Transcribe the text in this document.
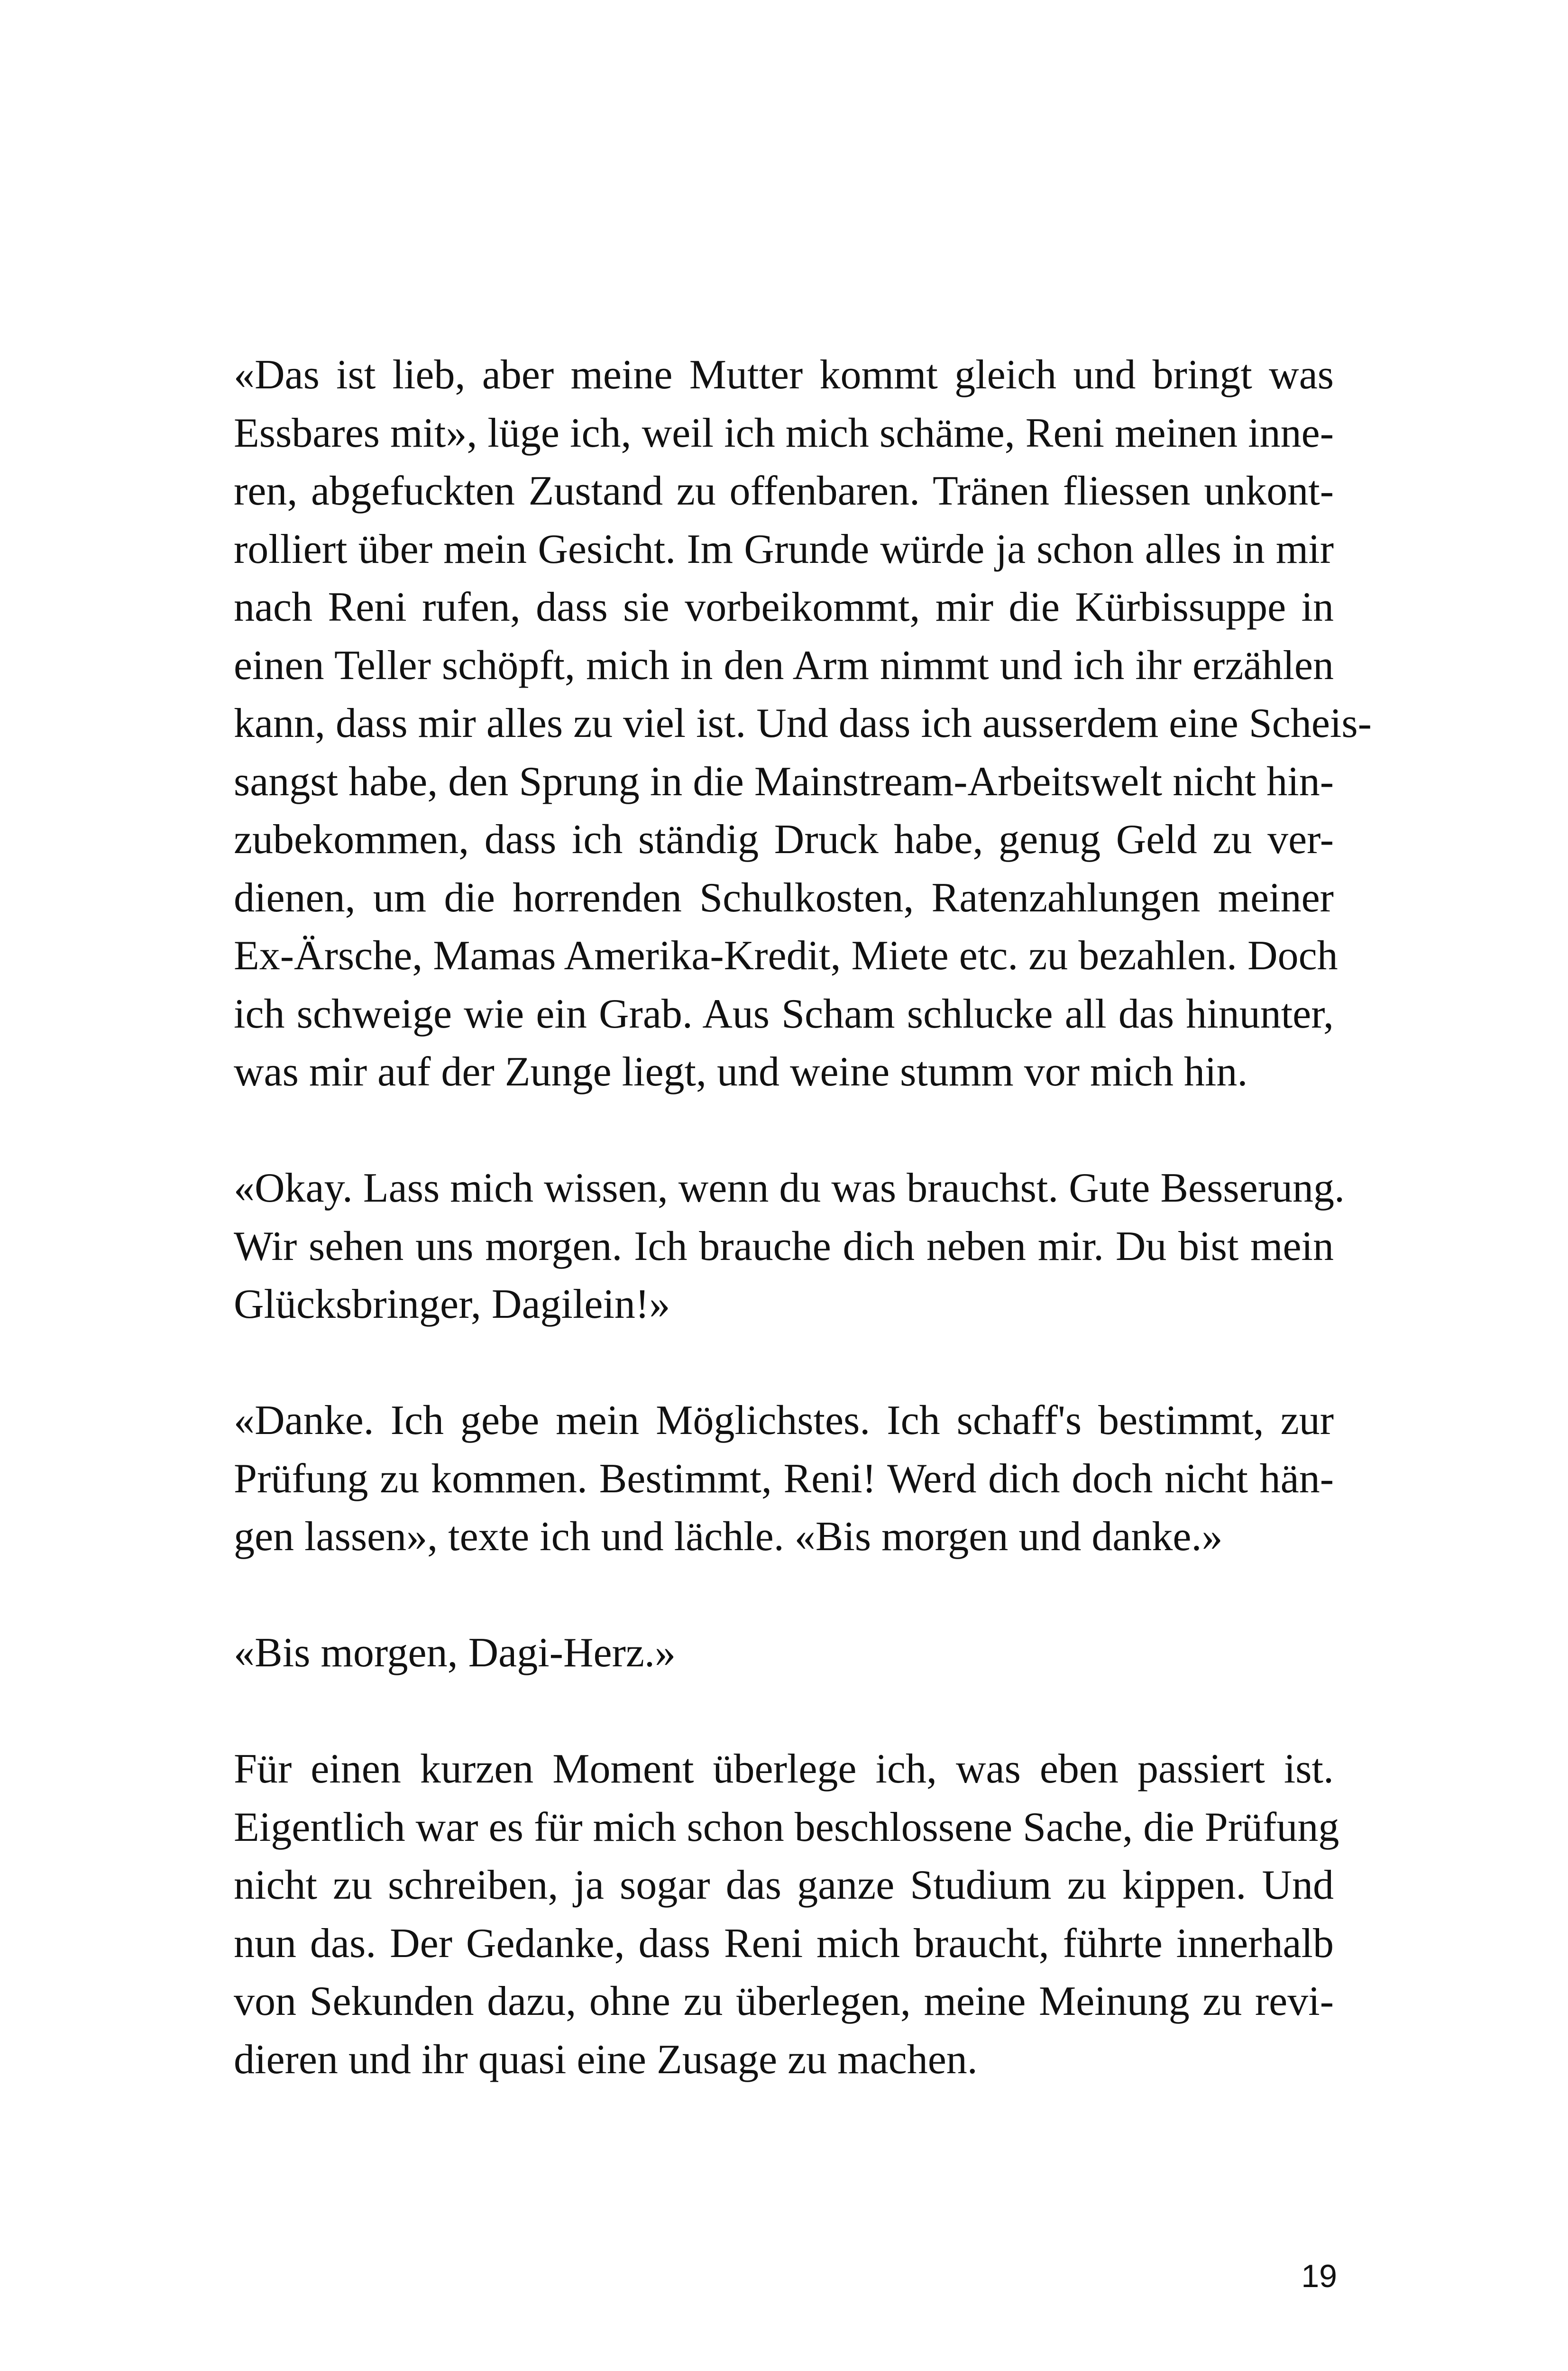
«Das ist lieb, aber meine Mutter kommt gleich und bringt was
Essbares mit», lüge ich, weil ich mich schäme, Reni meinen inne-
ren, abgefuckten Zustand zu offenbaren. Tränen fliessen unkont-
rolliert über mein Gesicht. Im Grunde würde ja schon alles in mir
nach Reni rufen, dass sie vorbeikommt, mir die Kürbissuppe in
einen Teller schöpft, mich in den Arm nimmt und ich ihr erzählen
kann, dass mir alles zu viel ist. Und dass ich ausserdem eine Scheis-
sangst habe, den Sprung in die Mainstream-Arbeitswelt nicht hin-
zubekommen, dass ich ständig Druck habe, genug Geld zu ver-
dienen, um die horrenden Schulkosten, Ratenzahlungen meiner
Ex-Ärsche, Mamas Amerika-Kredit, Miete etc. zu bezahlen. Doch
ich schweige wie ein Grab. Aus Scham schlucke all das hinunter,
was mir auf der Zunge liegt, und weine stumm vor mich hin.

«Okay. Lass mich wissen, wenn du was brauchst. Gute Besserung.
Wir sehen uns morgen. Ich brauche dich neben mir. Du bist mein
Glücksbringer, Dagilein!»

«Danke. Ich gebe mein Möglichstes. Ich schaff's bestimmt, zur
Prüfung zu kommen. Bestimmt, Reni! Werd dich doch nicht hän-
gen lassen», texte ich und lächle. «Bis morgen und danke.»

«Bis morgen, Dagi-Herz.»

Für einen kurzen Moment überlege ich, was eben passiert ist.
Eigentlich war es für mich schon beschlossene Sache, die Prüfung
nicht zu schreiben, ja sogar das ganze Studium zu kippen. Und
nun das. Der Gedanke, dass Reni mich braucht, führte innerhalb
von Sekunden dazu, ohne zu überlegen, meine Meinung zu revi-
dieren und ihr quasi eine Zusage zu machen.

19
